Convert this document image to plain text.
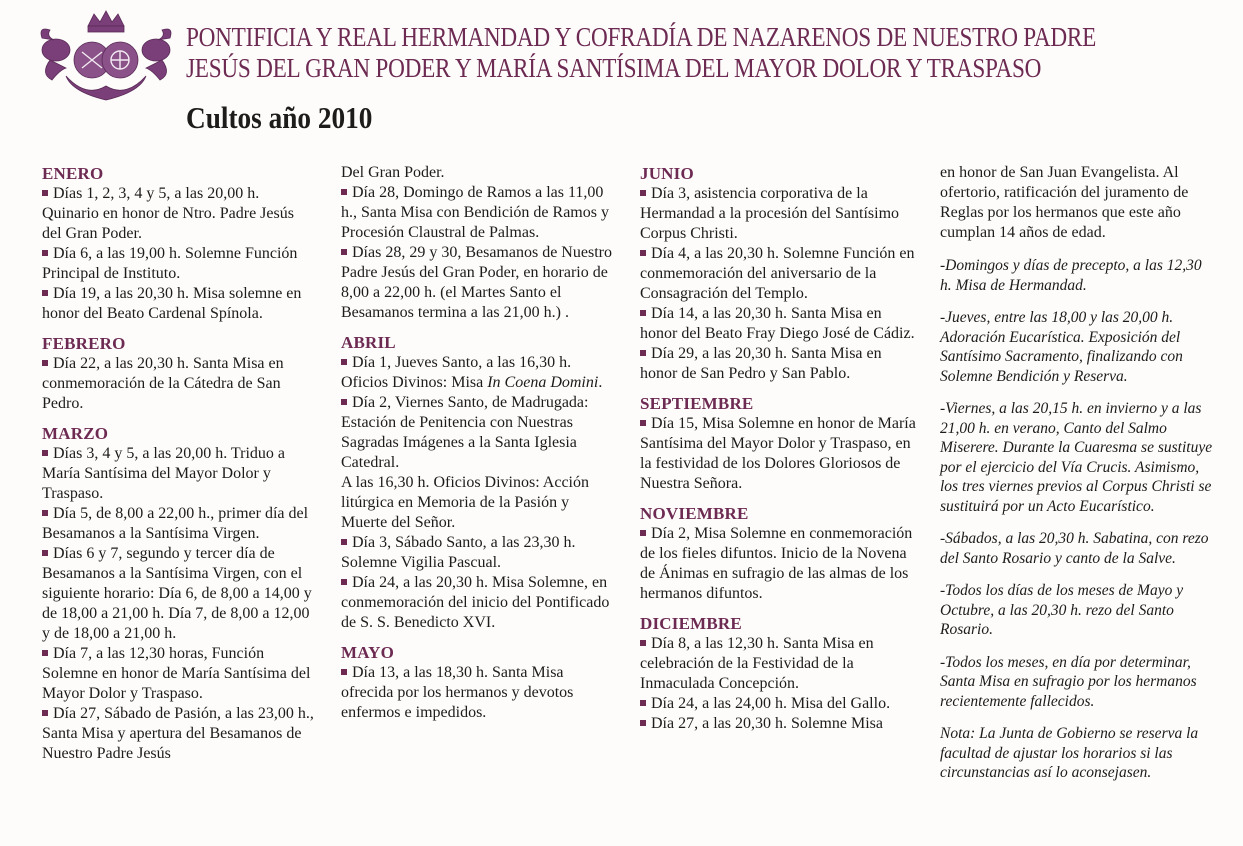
PONTIFICIA Y REAL HERMANDAD Y COFRADÍA DE NAZARENOS DE NUESTRO PADRE
JESÚS DEL GRAN PODER Y MARÍA SANTÍSIMA DEL MAYOR DOLOR Y TRASPASO
Cultos año 2010
ENERO
Días 1, 2, 3, 4 y 5, a las 20,00 h. Quinario en honor de Ntro. Padre Jesús del Gran Poder.
Día 6, a las 19,00 h. Solemne Función Principal de Instituto.
Día 19, a las 20,30 h. Misa solemne en honor del Beato Cardenal Spínola.
FEBRERO
Día 22, a las 20,30 h. Santa Misa en conmemoración de la Cátedra de San Pedro.
MARZO
Días 3, 4 y 5, a las 20,00 h. Triduo a María Santísima del Mayor Dolor y Traspaso.
Día 5, de 8,00 a 22,00 h., primer día del Besamanos a la Santísima Virgen.
Días 6 y 7, segundo y tercer día de Besamanos a la Santísima Virgen, con el siguiente horario: Día 6, de 8,00 a 14,00 y de 18,00 a 21,00 h. Día 7, de 8,00 a 12,00 y de 18,00 a 21,00 h.
Día 7, a las 12,30 horas, Función Solemne en honor de María Santísima del Mayor Dolor y Traspaso.
Día 27, Sábado de Pasión, a las 23,00 h., Santa Misa y apertura del Besamanos de Nuestro Padre Jesús
Del Gran Poder.
Día 28, Domingo de Ramos a las 11,00 h., Santa Misa con Bendición de Ramos y Procesión Claustral de Palmas.
Días 28, 29 y 30, Besamanos de Nuestro Padre Jesús del Gran Poder, en horario de 8,00 a 22,00 h. (el Martes Santo el Besamanos termina a las 21,00 h.) .
ABRIL
Día 1, Jueves Santo, a las 16,30 h. Oficios Divinos: Misa In Coena Domini.
Día 2, Viernes Santo, de Madrugada: Estación de Penitencia con Nuestras Sagradas Imágenes a la Santa Iglesia Catedral.
A las 16,30 h. Oficios Divinos: Acción litúrgica en Memoria de la Pasión y Muerte del Señor.
Día 3, Sábado Santo, a las 23,30 h. Solemne Vigilia Pascual.
Día 24, a las 20,30 h. Misa Solemne, en conmemoración del inicio del Pontificado de S. S. Benedicto XVI.
MAYO
Día 13, a las 18,30 h. Santa Misa ofrecida por los hermanos y devotos enfermos e impedidos.
JUNIO
Día 3, asistencia corporativa de la Hermandad a la procesión del Santísimo Corpus Christi.
Día 4, a las 20,30 h. Solemne Función en conmemoración del aniversario de la Consagración del Templo.
Día 14, a las 20,30 h. Santa Misa en honor del Beato Fray Diego José de Cádiz.
Día 29, a las 20,30 h. Santa Misa en honor de San Pedro y San Pablo.
SEPTIEMBRE
Día 15, Misa Solemne en honor de María Santísima del Mayor Dolor y Traspaso, en la festividad de los Dolores Gloriosos de Nuestra Señora.
NOVIEMBRE
Día 2, Misa Solemne en conmemoración de los fieles difuntos. Inicio de la Novena de Ánimas en sufragio de las almas de los hermanos difuntos.
DICIEMBRE
Día 8, a las 12,30 h. Santa Misa en celebración de la Festividad de la Inmaculada Concepción.
Día 24, a las 24,00 h. Misa del Gallo.
Día 27, a las 20,30 h. Solemne Misa
en honor de San Juan Evangelista. Al ofertorio, ratificación del juramento de Reglas por los hermanos que este año cumplan 14 años de edad.
-Domingos y días de precepto, a las 12,30 h. Misa de Hermandad.
-Jueves, entre las 18,00 y las 20,00 h. Adoración Eucarística. Exposición del Santísimo Sacramento, finalizando con Solemne Bendición y Reserva.
-Viernes, a las 20,15 h. en invierno y a las 21,00 h. en verano, Canto del Salmo Miserere. Durante la Cuaresma se sustituye por el ejercicio del Vía Crucis. Asimismo, los tres viernes previos al Corpus Christi se sustituirá por un Acto Eucarístico.
-Sábados, a las 20,30 h. Sabatina, con rezo del Santo Rosario y canto de la Salve.
-Todos los días de los meses de Mayo y Octubre, a las 20,30 h. rezo del Santo Rosario.
-Todos los meses, en día por determinar, Santa Misa en sufragio por los hermanos recientemente fallecidos.
Nota: La Junta de Gobierno se reserva la facultad de ajustar los horarios si las circunstancias así lo aconsejasen.
